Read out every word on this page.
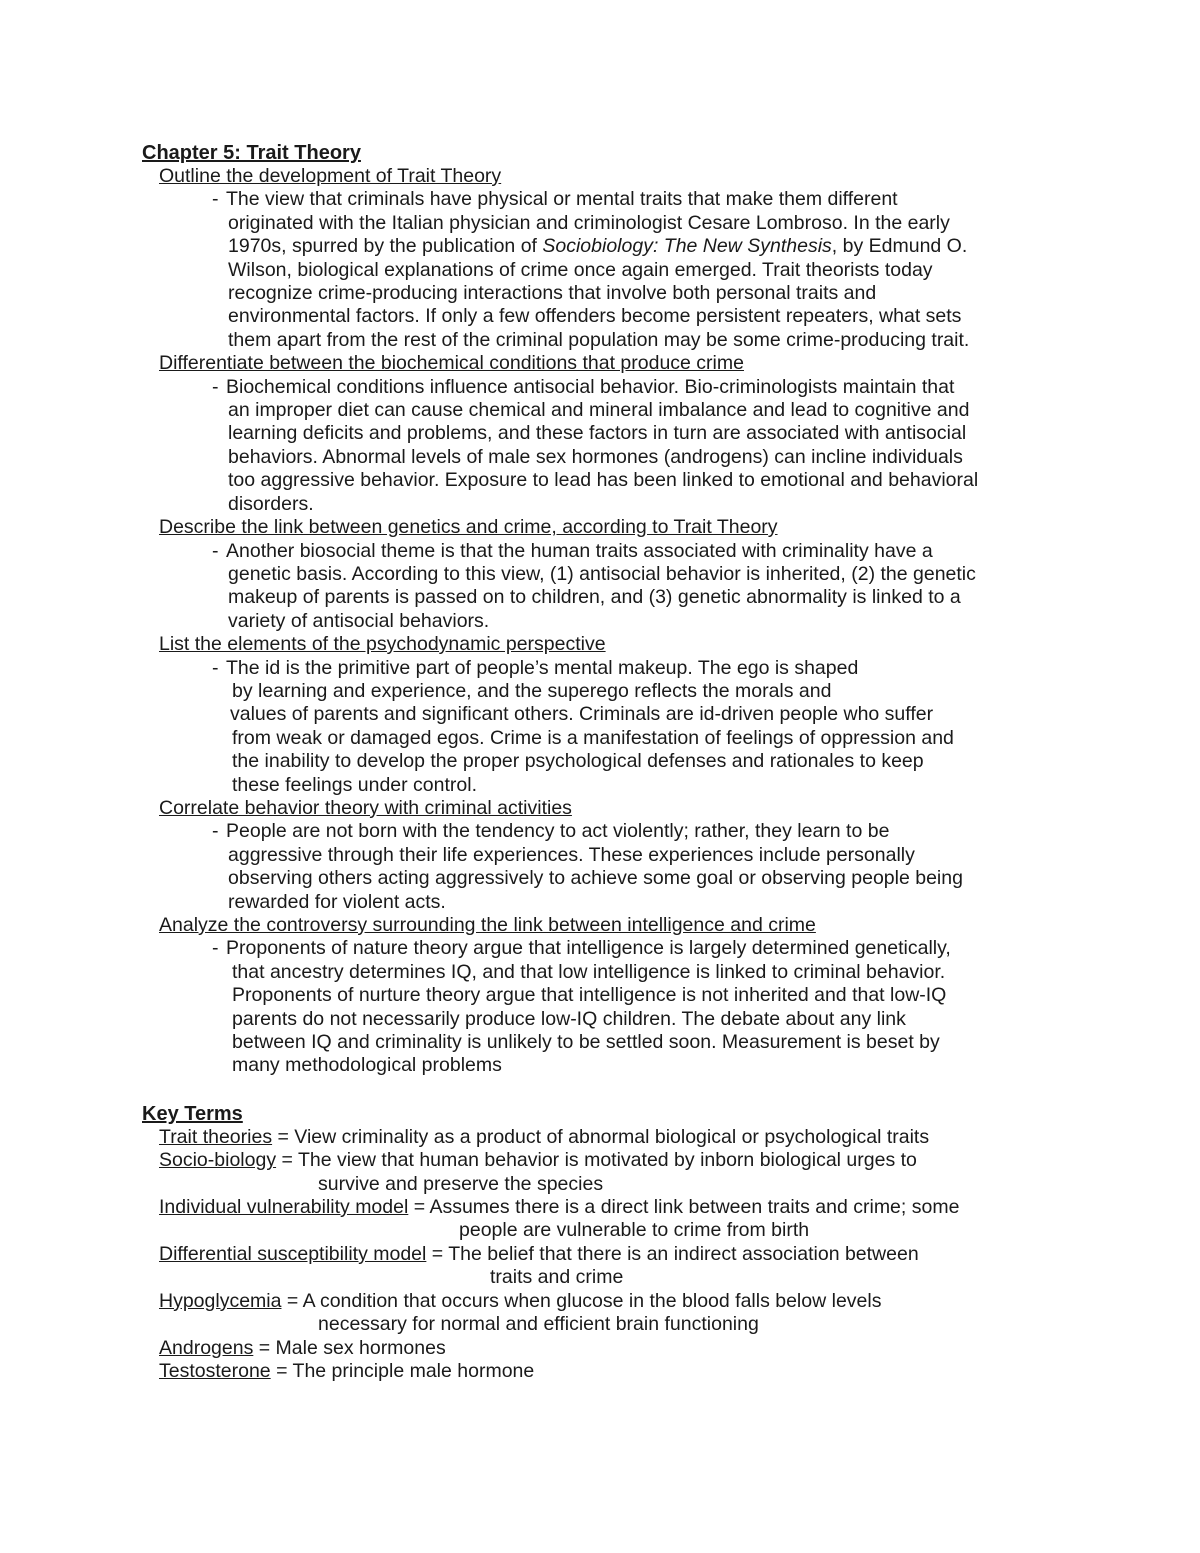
Chapter 5: Trait Theory
Outline the development of Trait Theory
- The view that criminals have physical or mental traits that make them different
originated with the Italian physician and criminologist Cesare Lombroso. In the early
1970s, spurred by the publication of Sociobiology: The New Synthesis, by Edmund O.
Wilson, biological explanations of crime once again emerged. Trait theorists today
recognize crime-producing interactions that involve both personal traits and
environmental factors. If only a few offenders become persistent repeaters, what sets
them apart from the rest of the criminal population may be some crime-producing trait.
Differentiate between the biochemical conditions that produce crime
- Biochemical conditions influence antisocial behavior. Bio-criminologists maintain that
an improper diet can cause chemical and mineral imbalance and lead to cognitive and
learning deficits and problems, and these factors in turn are associated with antisocial
behaviors. Abnormal levels of male sex hormones (androgens) can incline individuals
too aggressive behavior. Exposure to lead has been linked to emotional and behavioral
disorders.
Describe the link between genetics and crime, according to Trait Theory
- Another biosocial theme is that the human traits associated with criminality have a
genetic basis. According to this view, (1) antisocial behavior is inherited, (2) the genetic
makeup of parents is passed on to children, and (3) genetic abnormality is linked to a
variety of antisocial behaviors.
List the elements of the psychodynamic perspective
- The id is the primitive part of people’s mental makeup. The ego is shaped
by learning and experience, and the superego reflects the morals and
values of parents and significant others. Criminals are id-driven people who suffer
from weak or damaged egos. Crime is a manifestation of feelings of oppression and
the inability to develop the proper psychological defenses and rationales to keep
these feelings under control.
Correlate behavior theory with criminal activities
- People are not born with the tendency to act violently; rather, they learn to be
aggressive through their life experiences. These experiences include personally
observing others acting aggressively to achieve some goal or observing people being
rewarded for violent acts.
Analyze the controversy surrounding the link between intelligence and crime
- Proponents of nature theory argue that intelligence is largely determined genetically,
that ancestry determines IQ, and that low intelligence is linked to criminal behavior.
Proponents of nurture theory argue that intelligence is not inherited and that low-IQ
parents do not necessarily produce low-IQ children. The debate about any link
between IQ and criminality is unlikely to be settled soon. Measurement is beset by
many methodological problems
Key Terms
Trait theories = View criminality as a product of abnormal biological or psychological traits
Socio-biology = The view that human behavior is motivated by inborn biological urges to
survive and preserve the species
Individual vulnerability model = Assumes there is a direct link between traits and crime; some
people are vulnerable to crime from birth
Differential susceptibility model = The belief that there is an indirect association between
traits and crime
Hypoglycemia = A condition that occurs when glucose in the blood falls below levels
necessary for normal and efficient brain functioning
Androgens = Male sex hormones
Testosterone = The principle male hormone
